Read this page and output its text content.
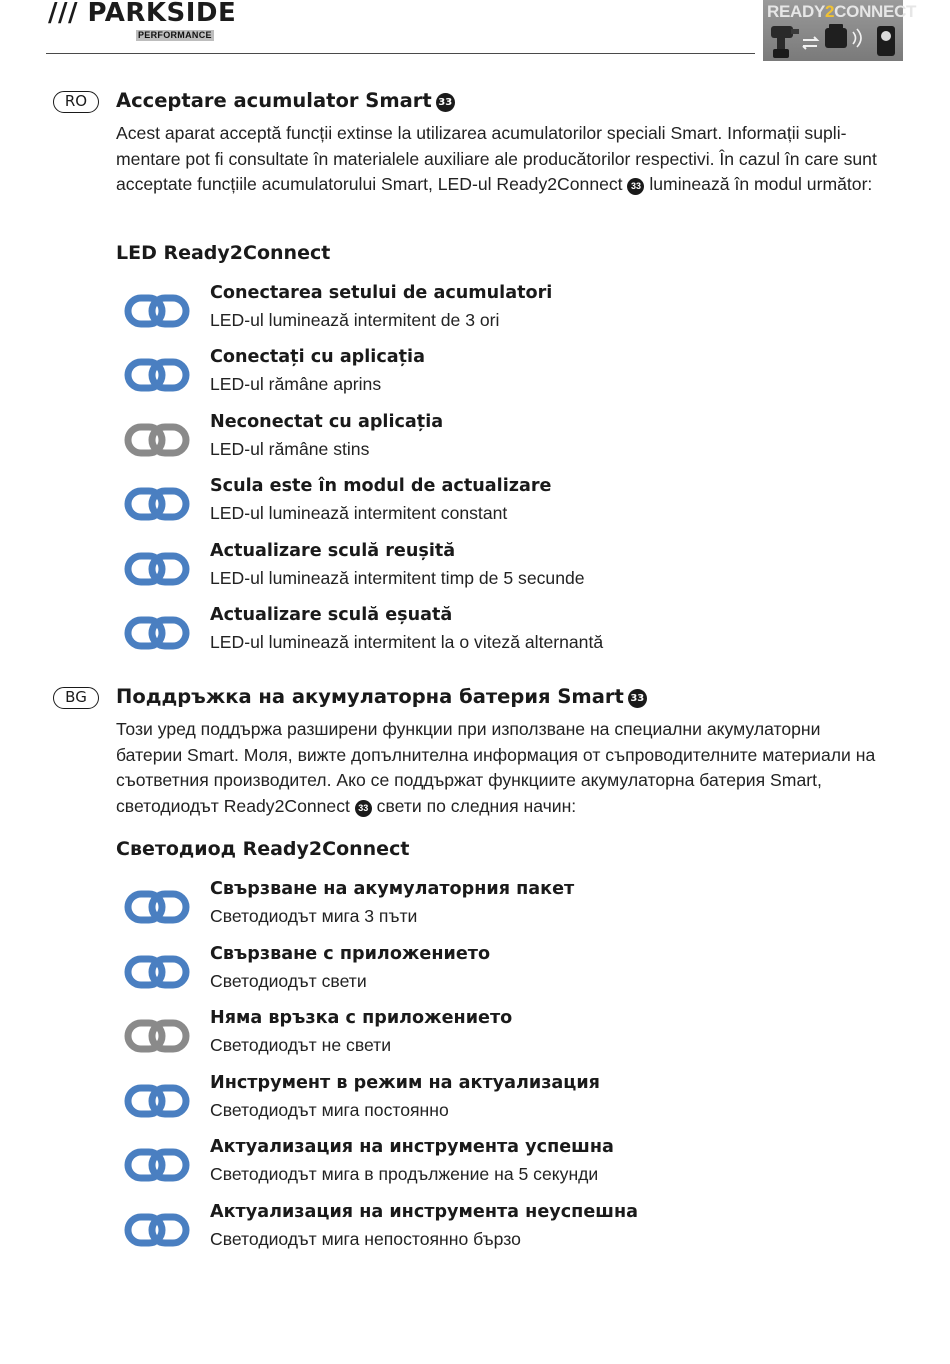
/// PARKSIDE
PERFORMANCE
READY2CONNECT
RO	Acceptare acumulator Smart 33
Acest aparat acceptă funcții extinse la utilizarea acumulatorilor speciali Smart. Informații supli-mentare pot fi consultate în materialele auxiliare ale producătorilor respectivi. În cazul în care sunt acceptate funcțiile acumulatorului Smart, LED-ul Ready2Connect 33 luminează în modul următor:
LED Ready2Connect
Conectarea setului de acumulatori
LED-ul luminează intermitent de 3 ori
Conectați cu aplicația
LED-ul rămâne aprins
Neconectat cu aplicația
LED-ul rămâne stins
Scula este în modul de actualizare
LED-ul luminează intermitent constant
Actualizare sculă reușită
LED-ul luminează intermitent timp de 5 secunde
Actualizare sculă eșuată
LED-ul luminează intermitent la o viteză alternantă
BG	Поддръжка на акумулаторна батерия Smart 33
Този уред поддържа разширени функции при използване на специални акумулаторни батерии Smart. Моля, вижте допълнителна информация от съпроводителните материали на съответния производител. Ако се поддържат функциите акумулаторна батерия Smart, светодиодът Ready2Connect 33 свети по следния начин:
Светодиод Ready2Connect
Свързване на акумулаторния пакет
Светодиодът мига 3 пъти
Свързване с приложението
Светодиодът свети
Няма връзка с приложението
Светодиодът не свети
Инструмент в режим на актуализация
Светодиодът мига постоянно
Актуализация на инструмента успешна
Светодиодът мига в продължение на 5 секунди
Актуализация на инструмента неуспешна
Светодиодът мига непостоянно бързо
